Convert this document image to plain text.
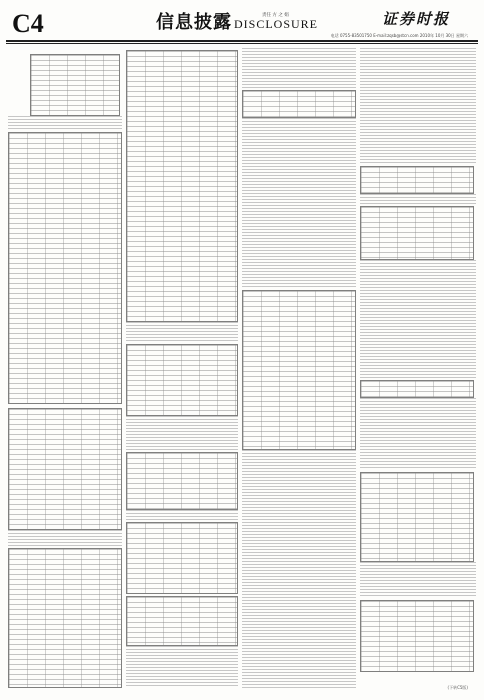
C4	信息披露 DISCLOSURE
责任 方 之 娟	证券时报
电话 0755-83501750 E-mail:zqsb@stcn.com 2010年 10月 30日 星期六
(下转C5版)
